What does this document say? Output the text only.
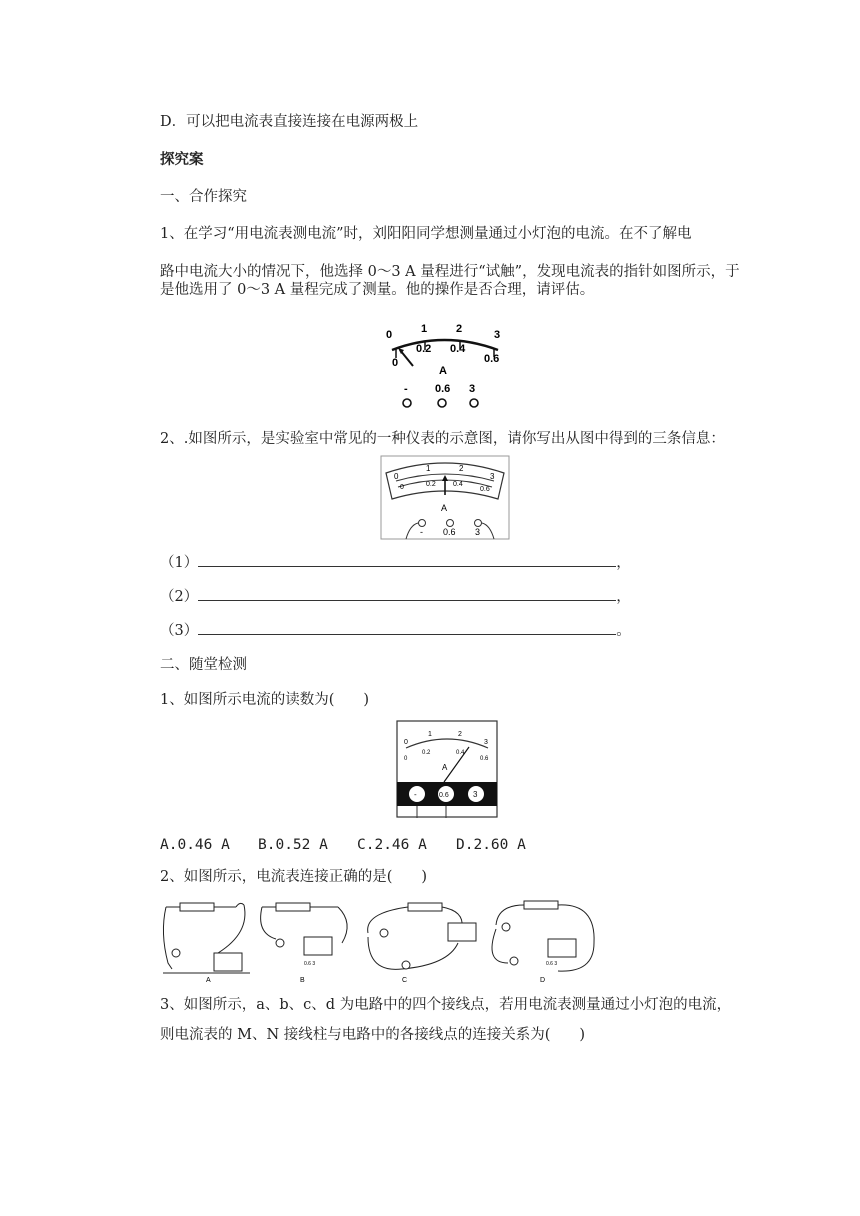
D．可以把电流表直接连接在电源两极上
探究案
一、合作探究
1、在学习“用电流表测电流”时，刘阳阳同学想测量通过小灯泡的电流。在不了解电
路中电流大小的情况下，他选择 0～3 A 量程进行“试触”，发现电流表的指针如图所示，于
是他选用了 0～3 A 量程完成了测量。他的操作是否合理，请评估。
0	1	2	3
0
0.2 0.4
0.6
A
- 0.6 3
2、.如图所示，是实验室中常见的一种仪表的示意图，请你写出从图中得到的三条信息：
0
1	2
3
0	0.2 0.4
0.6
A
- 0.6 3
（1）	，
（2）	，
（3）	。
二、随堂检测
1、如图所示电流的读数为(　　)
0
1	2
3
0
0.2	0.4
0.6
A
-	0.6	3
A.0.46 A B.0.52 A C.2.46 A D.2.60 A
2、如图所示，电流表连接正确的是(　　)
A
0.6 3
B	C
0.6 3
D
3、如图所示，a、b、c、d 为电路中的四个接线点，若用电流表测量通过小灯泡的电流，
则电流表的 M、N 接线柱与电路中的各接线点的连接关系为(　　)
